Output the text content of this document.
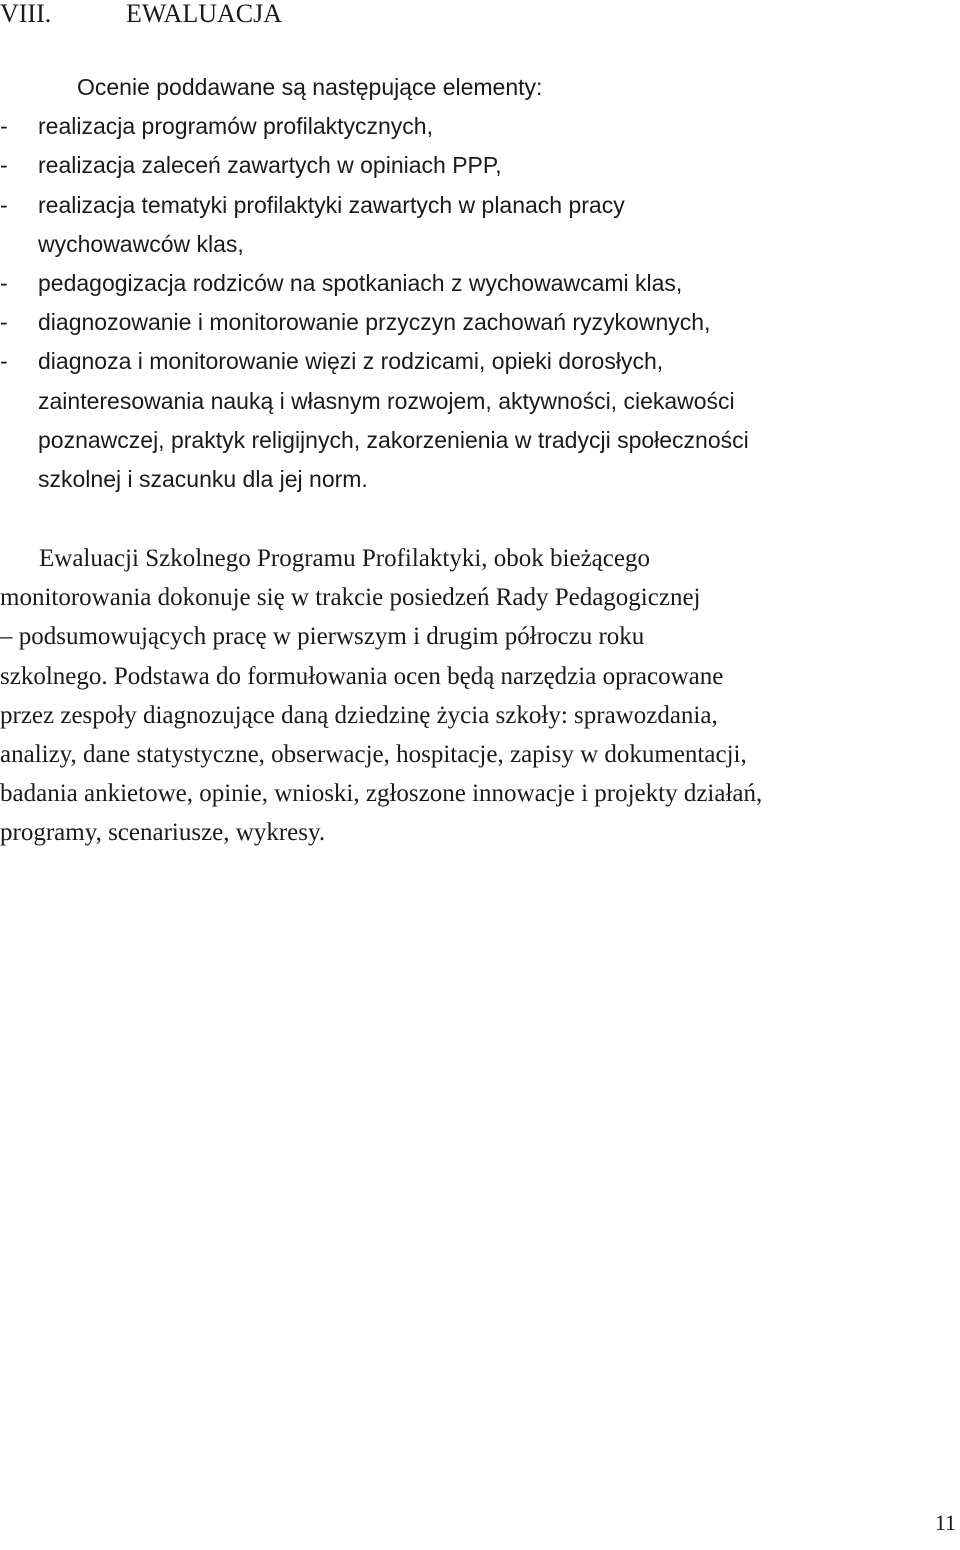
VIII.	EWALUACJA
Ocenie poddawane są następujące elementy:
- realizacja programów profilaktycznych,
- realizacja zaleceń zawartych w opiniach PPP,
- realizacja tematyki profilaktyki zawartych w planach pracy
wychowawców klas,
- pedagogizacja rodziców na spotkaniach z wychowawcami klas,
- diagnozowanie i monitorowanie przyczyn zachowań ryzykownych,
- diagnoza i monitorowanie więzi z rodzicami, opieki dorosłych,
zainteresowania nauką i własnym rozwojem, aktywności, ciekawości
poznawczej, praktyk religijnych, zakorzenienia w tradycji społeczności
szkolnej i szacunku dla jej norm.
Ewaluacji Szkolnego Programu Profilaktyki, obok bieżącego
monitorowania dokonuje się w trakcie posiedzeń Rady Pedagogicznej
– podsumowujących pracę w pierwszym i drugim półroczu roku
szkolnego. Podstawa do formułowania ocen będą narzędzia opracowane
przez zespoły diagnozujące daną dziedzinę życia szkoły: sprawozdania,
analizy, dane statystyczne, obserwacje, hospitacje, zapisy w dokumentacji,
badania ankietowe, opinie, wnioski, zgłoszone innowacje i projekty działań,
programy, scenariusze, wykresy.
11
